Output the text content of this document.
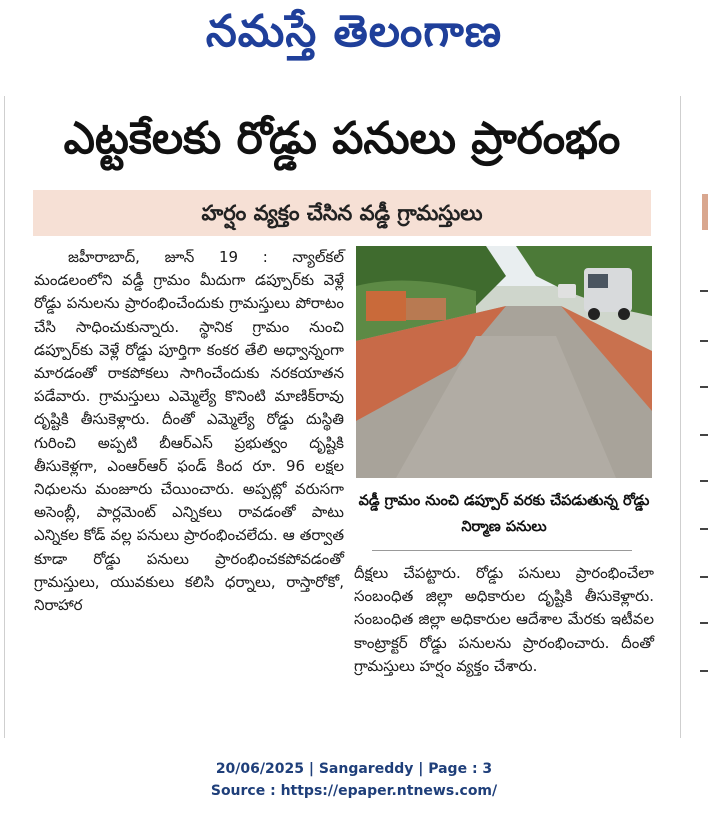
నమస్తే తెలంగాణ
ఎట్టకేలకు రోడ్డు పనులు ప్రారంభం
హర్షం వ్యక్తం చేసిన వడ్డీ గ్రామస్తులు

జహీరాబాద్, జూన్ 19 : న్యాల్‌కల్ మండలంలోని వడ్డీ గ్రామం మీదుగా డప్పూర్‌కు వెళ్లే రోడ్డు పనులను ప్రారంభించేందుకు గ్రామస్తులు పోరాటం చేసి సాధించుకున్నారు. స్థానిక గ్రామం నుంచి డప్పూర్‌కు వెళ్లే రోడ్డు పూర్తిగా కంకర తేలి అధ్వాన్నంగా మారడంతో రాకపోకలు సాగించేందుకు నరకయాతన పడేవారు. గ్రామస్తులు ఎమ్మెల్యే కొనింటి మాణిక్‌రావు దృష్టికి తీసుకెళ్లారు. దీంతో ఎమ్మెల్యే రోడ్డు దుస్థితి గురించి అప్పటి బీఆర్ఎస్ ప్రభుత్వం దృష్టికి తీసుకెళ్లగా, ఎంఆర్ఆర్ ఫండ్ కింద రూ. 96 లక్షల నిధులను మంజూరు చేయించారు. అప్పట్లో వరుసగా అసెంబ్లీ, పార్లమెంట్ ఎన్నికలు రావడంతో పాటు ఎన్నికల కోడ్ వల్ల పనులు ప్రారంభించలేదు. ఆ తర్వాత కూడా రోడ్డు పనులు ప్రారంభించకపోవడంతో గ్రామస్తులు, యువకులు కలిసి ధర్నాలు, రాస్తారోకో, నిరాహార

వడ్డీ గ్రామం నుంచి డప్పూర్ వరకు చేపడుతున్న రోడ్డు నిర్మాణ పనులు

దీక్షలు చేపట్టారు. రోడ్డు పనులు ప్రారంభించేలా సంబంధిత జిల్లా అధికారుల దృష్టికి తీసుకెళ్లారు. సంబంధిత జిల్లా అధికారుల ఆదేశాల మేరకు ఇటీవల కాంట్రాక్టర్ రోడ్డు పనులను ప్రారంభించారు. దీంతో గ్రామస్తులు హర్షం వ్యక్తం చేశారు.

20/06/2025 | Sangareddy | Page : 3
Source : https://epaper.ntnews.com/
